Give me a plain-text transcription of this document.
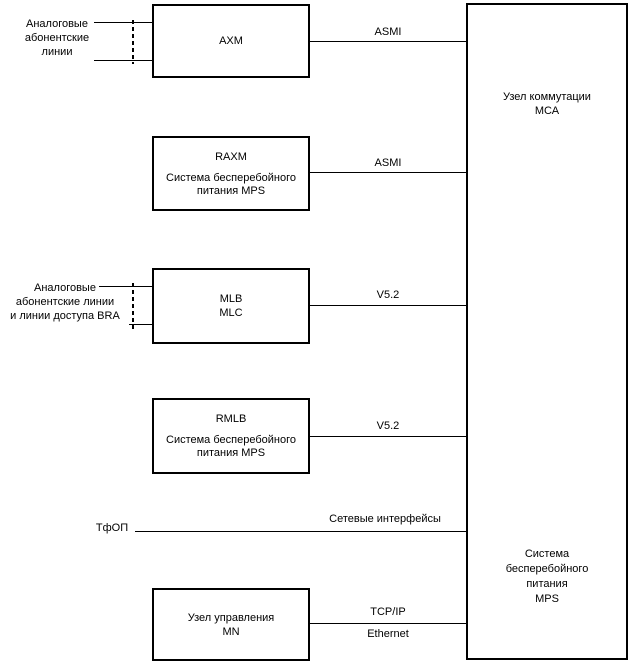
AXM
RAXM
Система бесперебойного
питания MPS
MLB
MLC
RMLB
Система бесперебойного
питания MPS
Узел управления
MN
Узел коммутации
МСА
Система
бесперебойного
питания
MPS
ASMI
ASMI
V5.2
V5.2
Сетевые интерфейсы
TCP/IP
Ethernet
ТфОП
Аналоговые
абонентские
линии
Аналоговые
абонентские линии
и линии доступа BRA
